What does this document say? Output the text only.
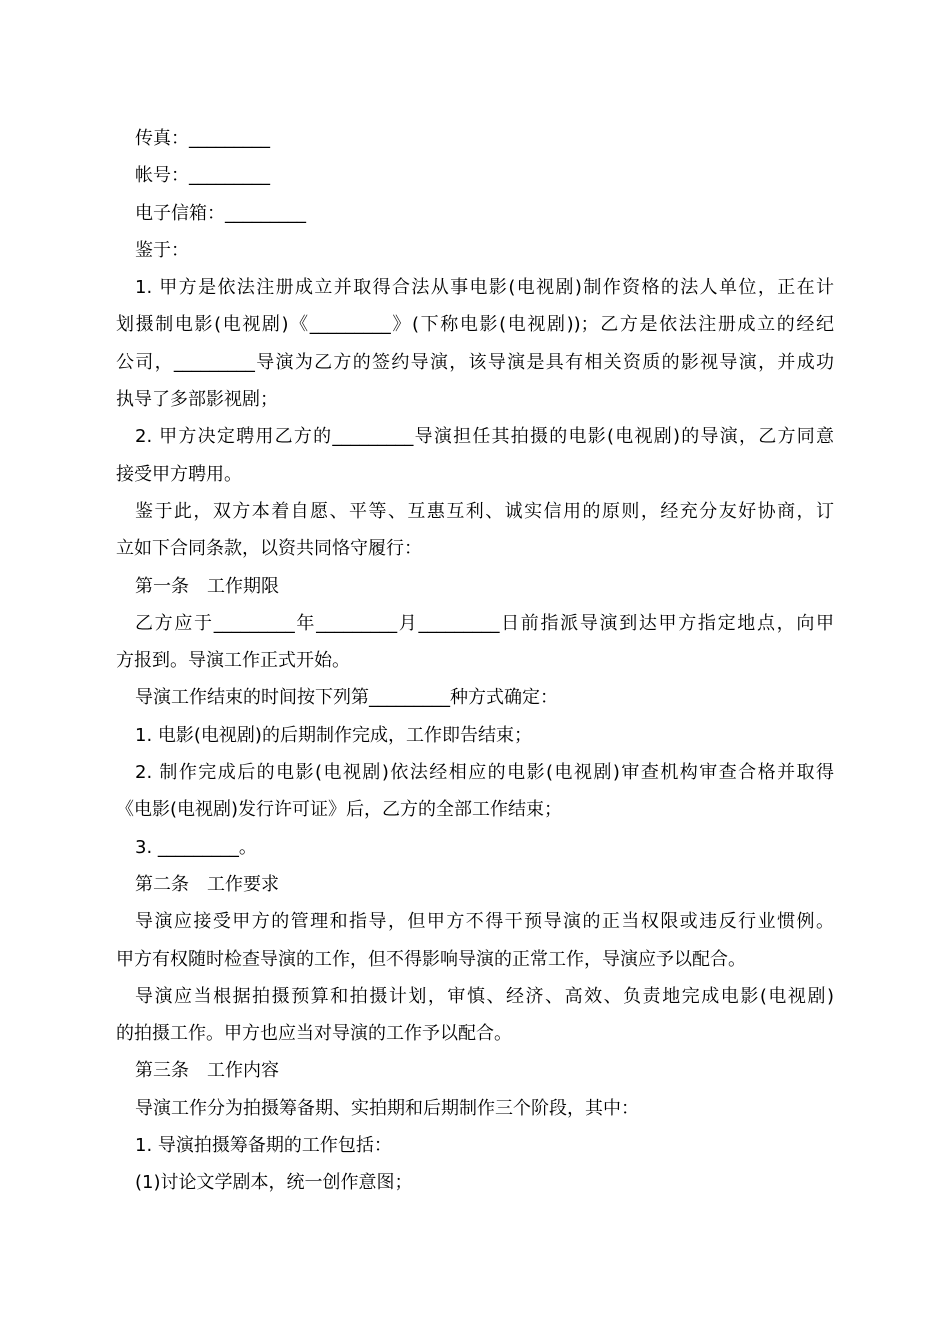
传真：_________
帐号：_________
电子信箱：_________
鉴于：
1. 甲方是依法注册成立并取得合法从事电影(电视剧)制作资格的法人单位，正在计
划摄制电影(电视剧)《_________》(下称电影(电视剧))；乙方是依法注册成立的经纪
公司，_________导演为乙方的签约导演，该导演是具有相关资质的影视导演，并成功
执导了多部影视剧；
2. 甲方决定聘用乙方的_________导演担任其拍摄的电影(电视剧)的导演，乙方同意
接受甲方聘用。
鉴于此，双方本着自愿、平等、互惠互利、诚实信用的原则，经充分友好协商，订
立如下合同条款，以资共同恪守履行：
第一条　工作期限
乙方应于_________年_________月_________日前指派导演到达甲方指定地点，向甲
方报到。导演工作正式开始。
导演工作结束的时间按下列第_________种方式确定：
1. 电影(电视剧)的后期制作完成，工作即告结束；
2. 制作完成后的电影(电视剧)依法经相应的电影(电视剧)审查机构审查合格并取得
《电影(电视剧)发行许可证》后，乙方的全部工作结束；
3. _________。
第二条　工作要求
导演应接受甲方的管理和指导，但甲方不得干预导演的正当权限或违反行业惯例。
甲方有权随时检查导演的工作，但不得影响导演的正常工作，导演应予以配合。
导演应当根据拍摄预算和拍摄计划，审慎、经济、高效、负责地完成电影(电视剧)
的拍摄工作。甲方也应当对导演的工作予以配合。
第三条　工作内容
导演工作分为拍摄筹备期、实拍期和后期制作三个阶段，其中：
1. 导演拍摄筹备期的工作包括：
(1)讨论文学剧本，统一创作意图；
